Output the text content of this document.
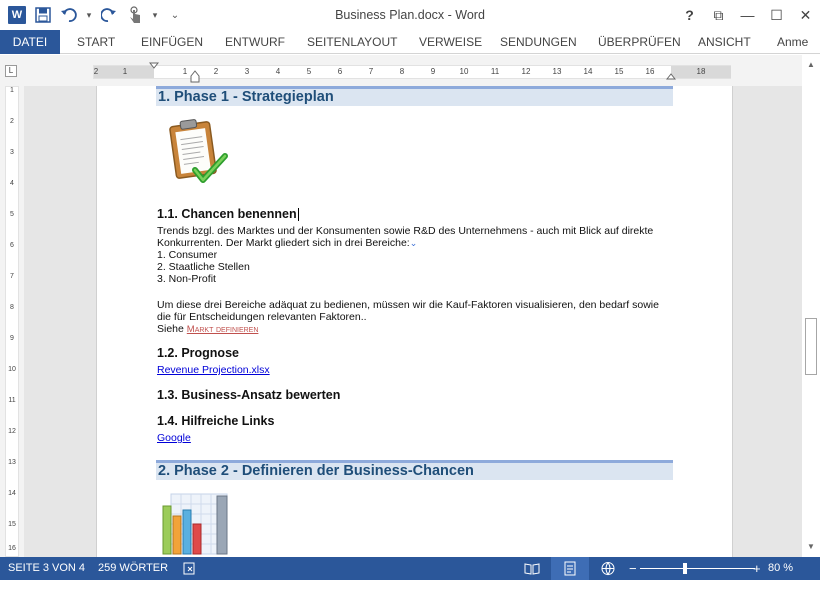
W	▾	▾	⌄	Business Plan.docx - Word	?	⧉	—	☐	✕
DATEI	START EINFÜGEN ENTWURF SEITENLAYOUT VERWEISE SENDUNGEN ÜBERPRÜFEN ANSICHT Anme
L	2	1	1	2	3	4	5	6	7	8	9	10	11	12	13	14	15	16	18
1
2
3
4
5
6
7
8
9
10
11
12
13
14
15
16
1. Phase 1 - Strategieplan
1.1. Chancen benennen
Trends bzgl. des Marktes und der Konsumenten sowie R&D des Unternehmens - auch mit Blick auf direkte
Konkurrenten. Der Markt gliedert sich in drei Bereiche:⌄
1. Consumer
2. Staatliche Stellen
3. Non-Profit
Um diese drei Bereiche adäquat zu bedienen, müssen wir die Kauf-Faktoren visualisieren, den bedarf sowie
die für Entscheidungen relevanten Faktoren..
Siehe Markt definieren
1.2. Prognose
Revenue Projection.xlsx
1.3. Business-Ansatz bewerten
1.4. Hilfreiche Links
Google
2. Phase 2 - Definieren der Business-Chancen
▲
▼
SEITE 3 VON 4 259 WÖRTER	−	+ 80 %
